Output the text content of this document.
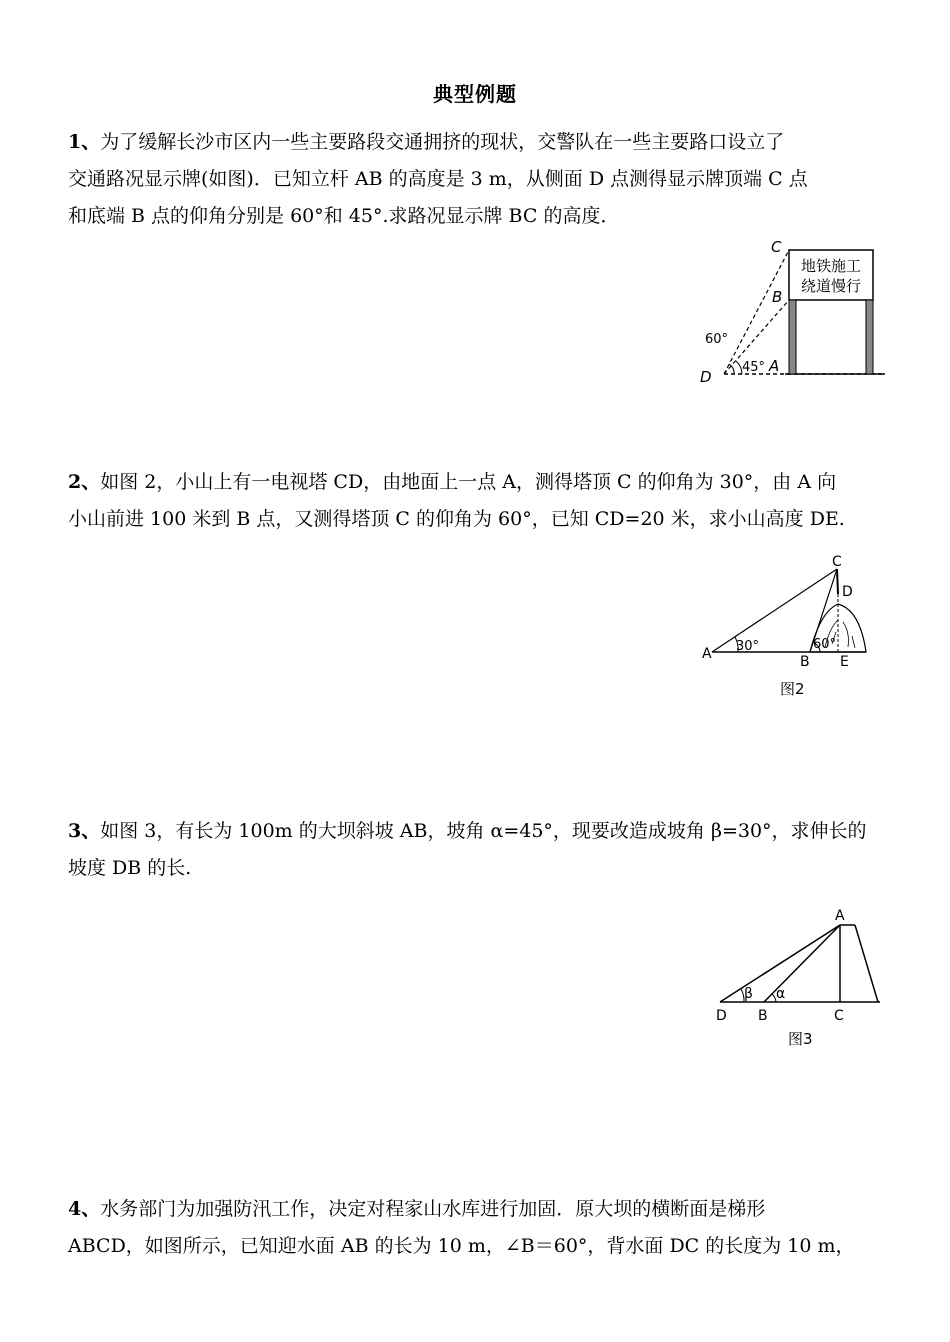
典型例题
1、为了缓解长沙市区内一些主要路段交通拥挤的现状，交警队在一些主要路口设立了
交通路况显示牌(如图)．已知立杆 AB 的高度是 3 m，从侧面 D 点测得显示牌顶端 C 点
和底端 B 点的仰角分别是 60°和 45°.求路况显示牌 BC 的高度．
地铁施工
绕道慢行
C
B
D
A
60°
45°
2、如图 2，小山上有一电视塔 CD，由地面上一点 A，测得塔顶 C 的仰角为 30°，由 A 向
小山前进 100 米到 B 点，又测得塔顶 C 的仰角为 60°，已知 CD=20 米，求小山高度 DE.
C
D
A	B E
30°	60°
图2
3、如图 3，有长为 100m 的大坝斜坡 AB，坡角 α=45°，现要改造成坡角 β=30°，求伸长的
坡度 DB 的长.
A
D B	C
β α
图3
4、水务部门为加强防汛工作，决定对程家山水库进行加固．原大坝的横断面是梯形
ABCD，如图所示，已知迎水面 AB 的长为 10 m，∠B＝60°，背水面 DC 的长度为 10 m，
